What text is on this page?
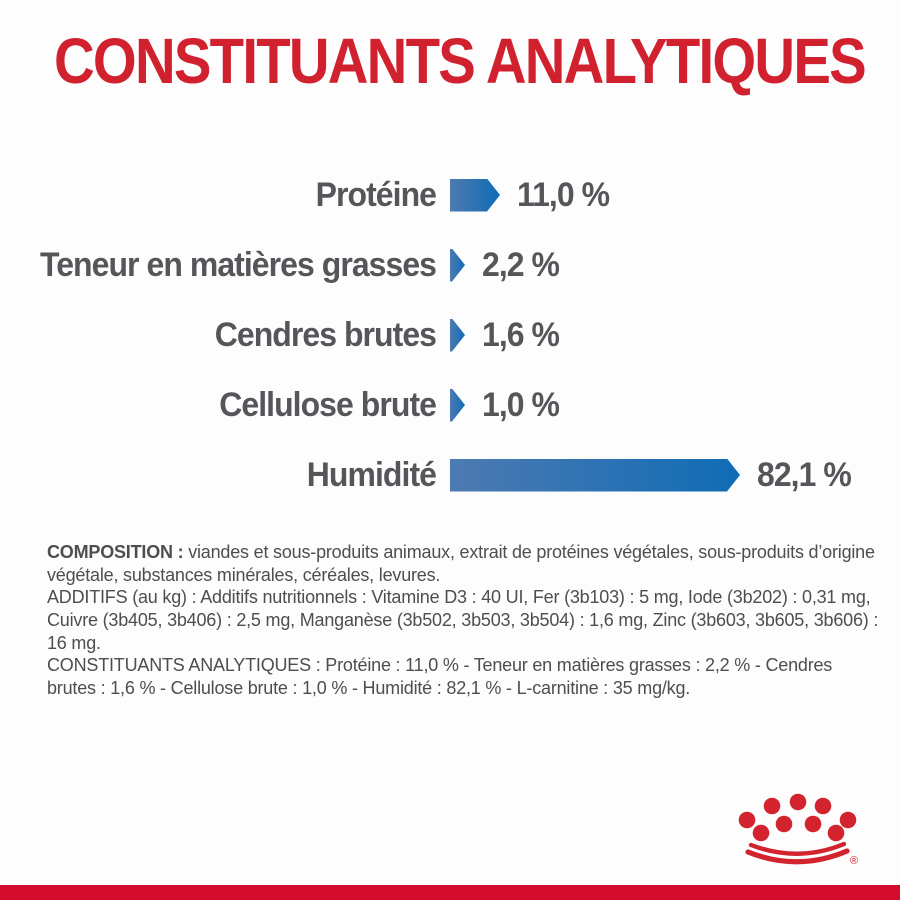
CONSTITUANTS ANALYTIQUES
Protéine 11,0 %
Teneur en matières grasses 2,2 %
Cendres brutes 1,6 %
Cellulose brute 1,0 %
Humidité	82,1 %

COMPOSITION : viandes et sous-produits animaux, extrait de protéines végétales, sous-produits d’origine végétale, substances minérales, céréales, levures.

ADDITIFS (au kg) : Additifs nutritionnels : Vitamine D3 : 40 UI, Fer (3b103) : 5 mg, Iode (3b202) : 0,31 mg, Cuivre (3b405, 3b406) : 2,5 mg, Manganèse (3b502, 3b503, 3b504) : 1,6 mg, Zinc (3b603, 3b605, 3b606) : 16 mg.

CONSTITUANTS ANALYTIQUES : Protéine : 11,0 % - Teneur en matières grasses : 2,2 % - Cendres brutes : 1,6 % - Cellulose brute : 1,0 % - Humidité : 82,1 % - L-carnitine : 35 mg/kg.

®
